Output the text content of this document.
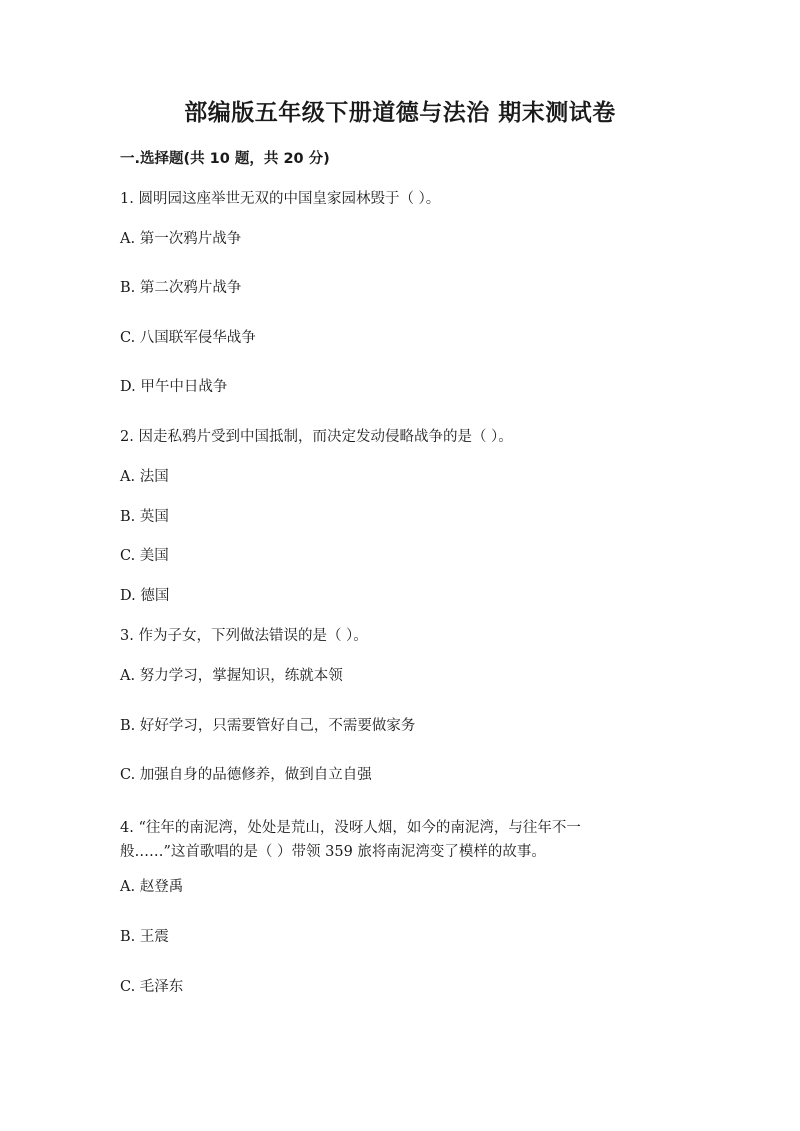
部编版五年级下册道德与法治 期末测试卷
一.选择题(共 10 题，共 20 分)
1. 圆明园这座举世无双的中国皇家园林毁于（ ）。
A. 第一次鸦片战争
B. 第二次鸦片战争
C. 八国联军侵华战争
D. 甲午中日战争
2. 因走私鸦片受到中国抵制，而决定发动侵略战争的是（ ）。
A. 法国
B. 英国
C. 美国
D. 德国
3. 作为子女，下列做法错误的是（ ）。
A. 努力学习，掌握知识，练就本领
B. 好好学习，只需要管好自己，不需要做家务
C. 加强自身的品德修养，做到自立自强
4. “往年的南泥湾，处处是荒山，没呀人烟，如今的南泥湾，与往年不一
般……”这首歌唱的是（ ）带领 359 旅将南泥湾变了模样的故事。
A. 赵登禹
B. 王震
C. 毛泽东
